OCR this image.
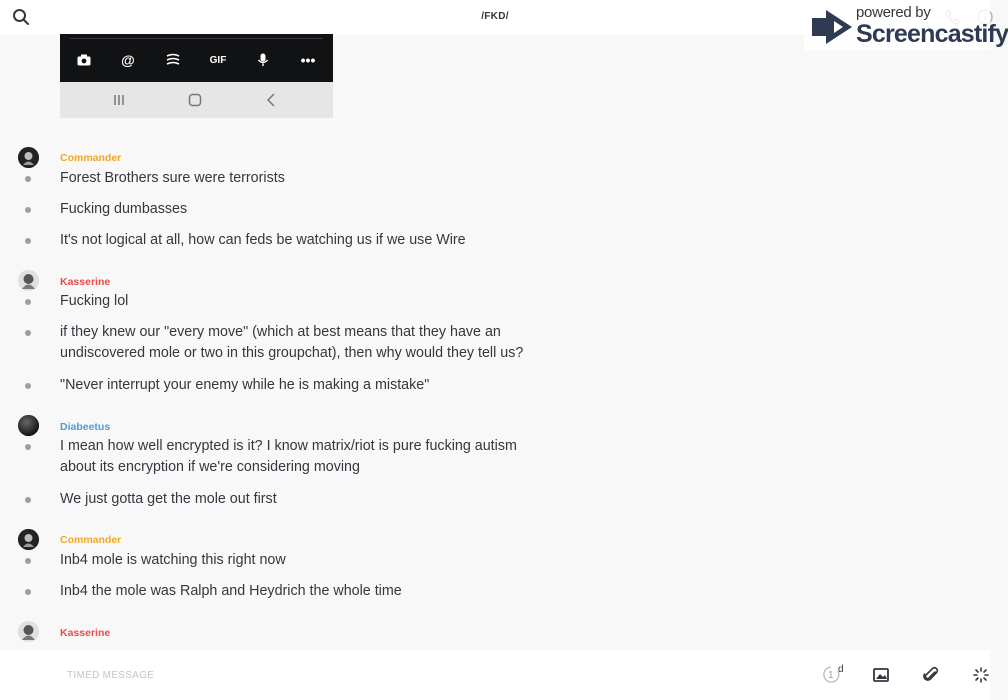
/FKD/	powered by
Screencastify
@	GIF	•••
Commander
Forest Brothers sure were terrorists
Fucking dumbasses
It's not logical at all, how can feds be watching us if we use Wire
Kasserine
Fucking lol
if they knew our "every move" (which at best means that they have an undiscovered mole or two in this groupchat), then why would they tell us?
"Never interrupt your enemy while he is making a mistake"
Diabeetus
I mean how well encrypted is it? I know matrix/riot is pure fucking autism about its encryption if we're considering moving
We just gotta get the mole out first
Commander
Inb4 mole is watching this right now
Inb4 the mole was Ralph and Heydrich the whole time
Kasserine
TIMED MESSAGE	1
d
